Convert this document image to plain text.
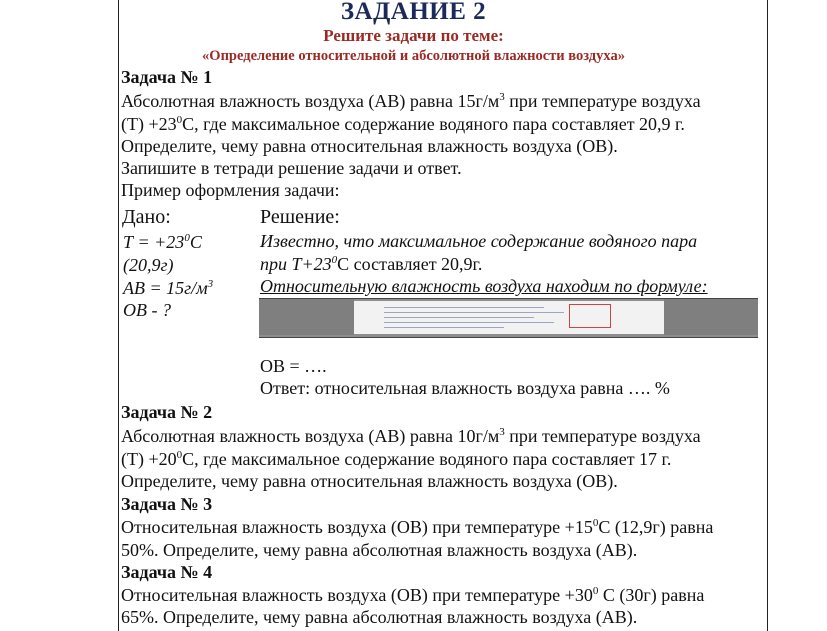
ЗАДАНИЕ 2
Решите задачи по теме:
«Определение относительной и абсолютной влажности воздуха»
Задача № 1
Абсолютная влажность воздуха (АВ) равна $15г/м^3$ при температуре воздуха
$(Т) +23^0С$, где максимальное содержание водяного пара составляет 20,9 г.
Определите, чему равна относительная влажность воздуха (ОВ).
Запишите в тетради решение задачи и ответ.
Пример оформления задачи:
Дано:
$Т = +23^0С$
(20,9г)
АВ = $15г/м^3$
ОВ - ?
Решение:
Известно, что максимальное содержание водяного пара
при $Т+23^0С$ составляет 20,9г.
Относительную влажность воздуха находим по формуле:
ОВ = ….
Ответ: относительная влажность воздуха равна …. %
Задача № 2
Абсолютная влажность воздуха (АВ) равна $10г/м^3$ при температуре воздуха
$(Т) +20^0С$, где максимальное содержание водяного пара составляет 17 г.
Определите, чему равна относительная влажность воздуха (ОВ).
Задача № 3
Относительная влажность воздуха (ОВ) при температуре $+15^0С$ (12,9г) равна
50%. Определите, чему равна абсолютная влажность воздуха (АВ).
Задача № 4
Относительная влажность воздуха (ОВ) при температуре $+30^0$ С (30г) равна
65%. Определите, чему равна абсолютная влажность воздуха (АВ).
